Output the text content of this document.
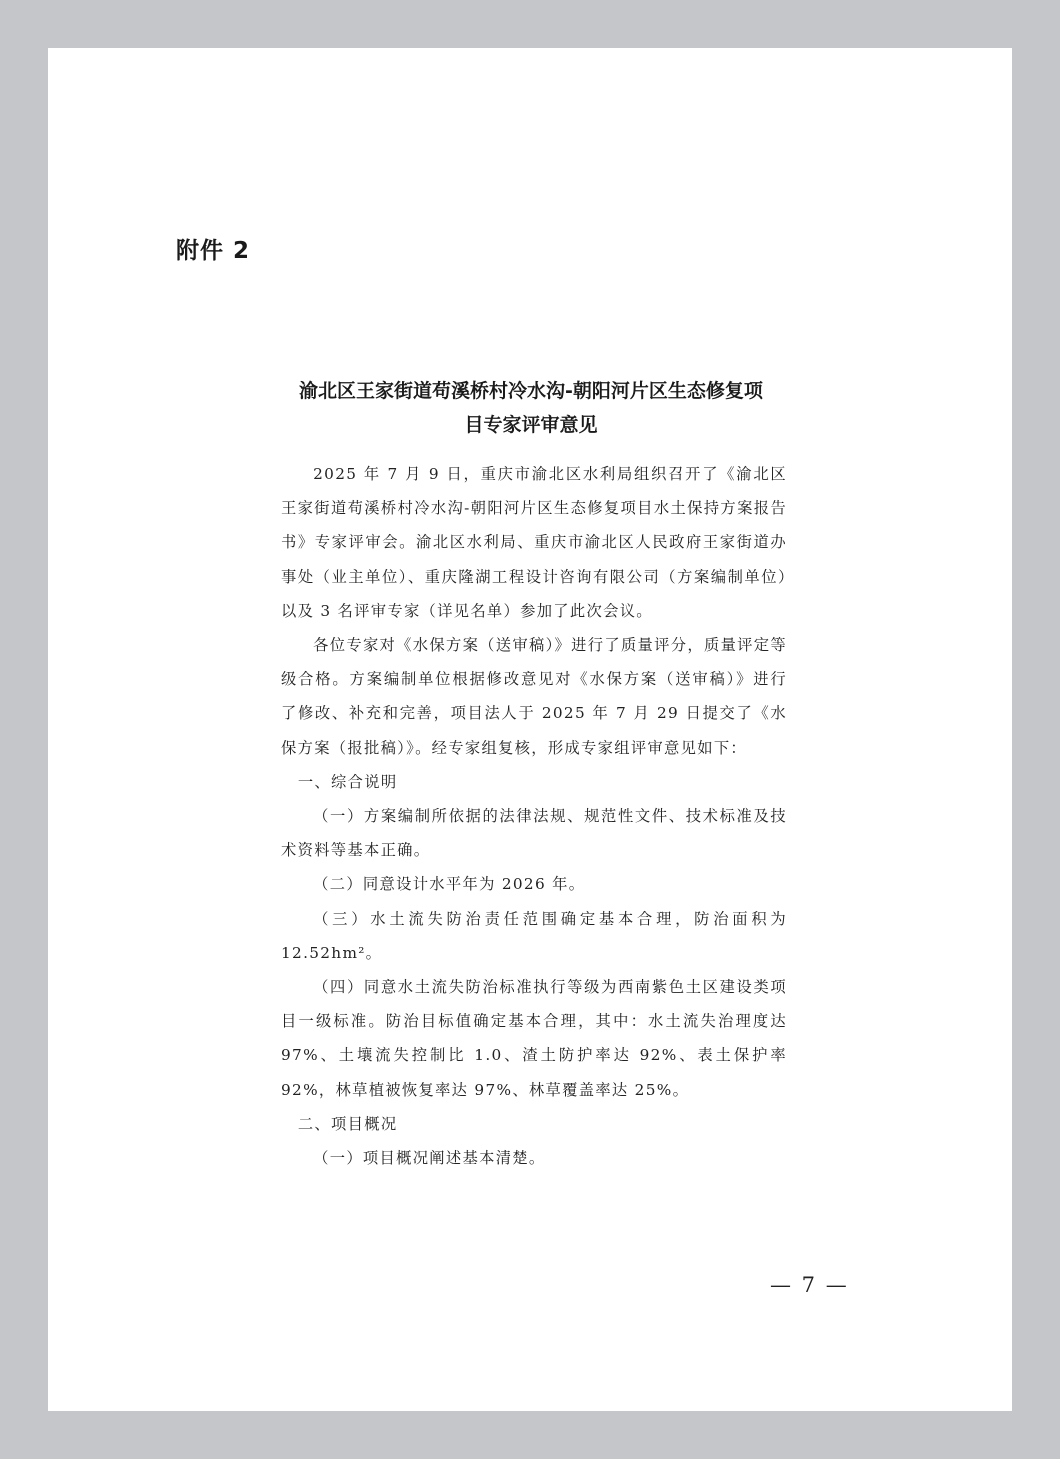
附件 2
渝北区王家街道苟溪桥村冷水沟-朝阳河片区生态修复项
目专家评审意见

2025 年 7 月 9 日，重庆市渝北区水利局组织召开了《渝北区王家街道苟溪桥村冷水沟-朝阳河片区生态修复项目水土保持方案报告书》专家评审会。渝北区水利局、重庆市渝北区人民政府王家街道办事处（业主单位）、重庆隆湖工程设计咨询有限公司（方案编制单位）以及 3 名评审专家（详见名单）参加了此次会议。

各位专家对《水保方案（送审稿）》进行了质量评分，质量评定等级合格。方案编制单位根据修改意见对《水保方案（送审稿）》进行了修改、补充和完善，项目法人于 2025 年 7 月 29 日提交了《水保方案（报批稿）》。经专家组复核，形成专家组评审意见如下：

一、综合说明

（一）方案编制所依据的法律法规、规范性文件、技术标准及技术资料等基本正确。

（二）同意设计水平年为 2026 年。

（三）水土流失防治责任范围确定基本合理，防治面积为 12.52hm²。

（四）同意水土流失防治标准执行等级为西南紫色土区建设类项目一级标准。防治目标值确定基本合理，其中：水土流失治理度达 97%、土壤流失控制比 1.0、渣土防护率达 92%、表土保护率 92%，林草植被恢复率达 97%、林草覆盖率达 25%。

二、项目概况

（一）项目概况阐述基本清楚。

— 7 —
